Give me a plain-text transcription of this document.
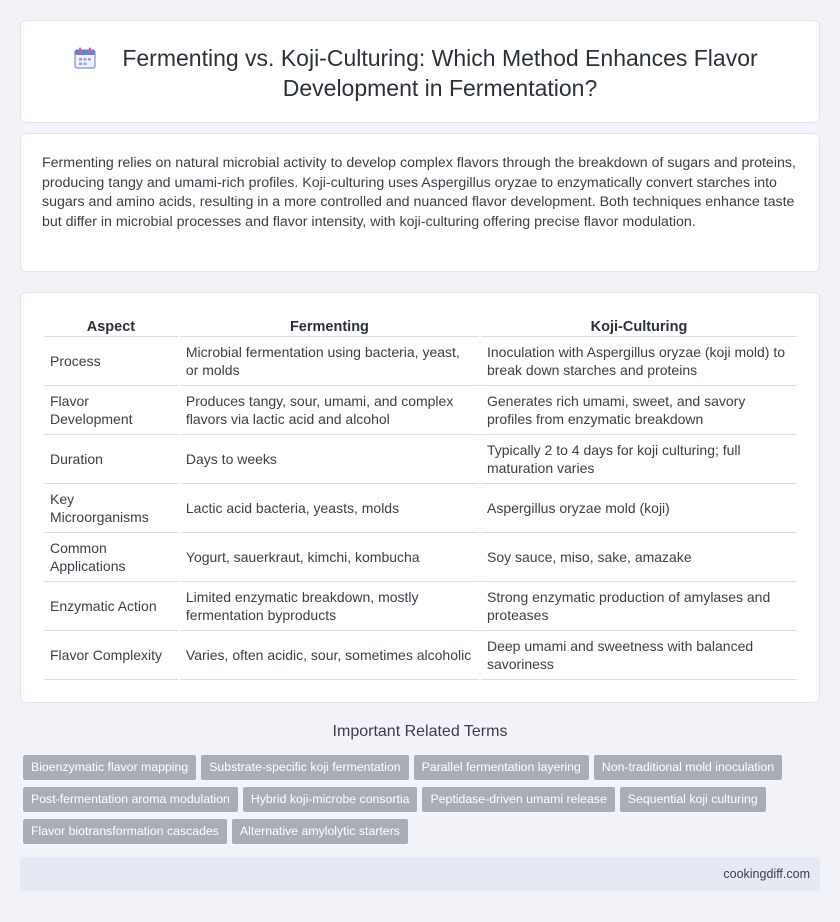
Fermenting vs. Koji-Culturing: Which Method Enhances Flavor Development in Fermentation?

Fermenting relies on natural microbial activity to develop complex flavors through the breakdown of sugars and proteins, producing tangy and umami-rich profiles. Koji-culturing uses Aspergillus oryzae to enzymatically convert starches into sugars and amino acids, resulting in a more controlled and nuanced flavor development. Both techniques enhance taste but differ in microbial processes and flavor intensity, with koji-culturing offering precise flavor modulation.

Aspect	Fermenting	Koji-Culturing
Process	Microbial fermentation using bacteria, yeast, or molds	Inoculation with Aspergillus oryzae (koji mold) to break down starches and proteins
Flavor Development	Produces tangy, sour, umami, and complex flavors via lactic acid and alcohol	Generates rich umami, sweet, and savory profiles from enzymatic breakdown
Duration	Days to weeks	Typically 2 to 4 days for koji culturing; full maturation varies
Key Microorganisms	Lactic acid bacteria, yeasts, molds	Aspergillus oryzae mold (koji)
Common Applications	Yogurt, sauerkraut, kimchi, kombucha	Soy sauce, miso, sake, amazake
Enzymatic Action	Limited enzymatic breakdown, mostly fermentation byproducts	Strong enzymatic production of amylases and proteases
Flavor Complexity	Varies, often acidic, sour, sometimes alcoholic	Deep umami and sweetness with balanced savoriness
Important Related Terms
Bioenzymatic flavor mapping Substrate-specific koji fermentation Parallel fermentation layering Non-traditional mold inoculation
Post-fermentation aroma modulation Hybrid koji-microbe consortia Peptidase-driven umami release Sequential koji culturing
Flavor biotransformation cascades Alternative amylolytic starters
cookingdiff.com
